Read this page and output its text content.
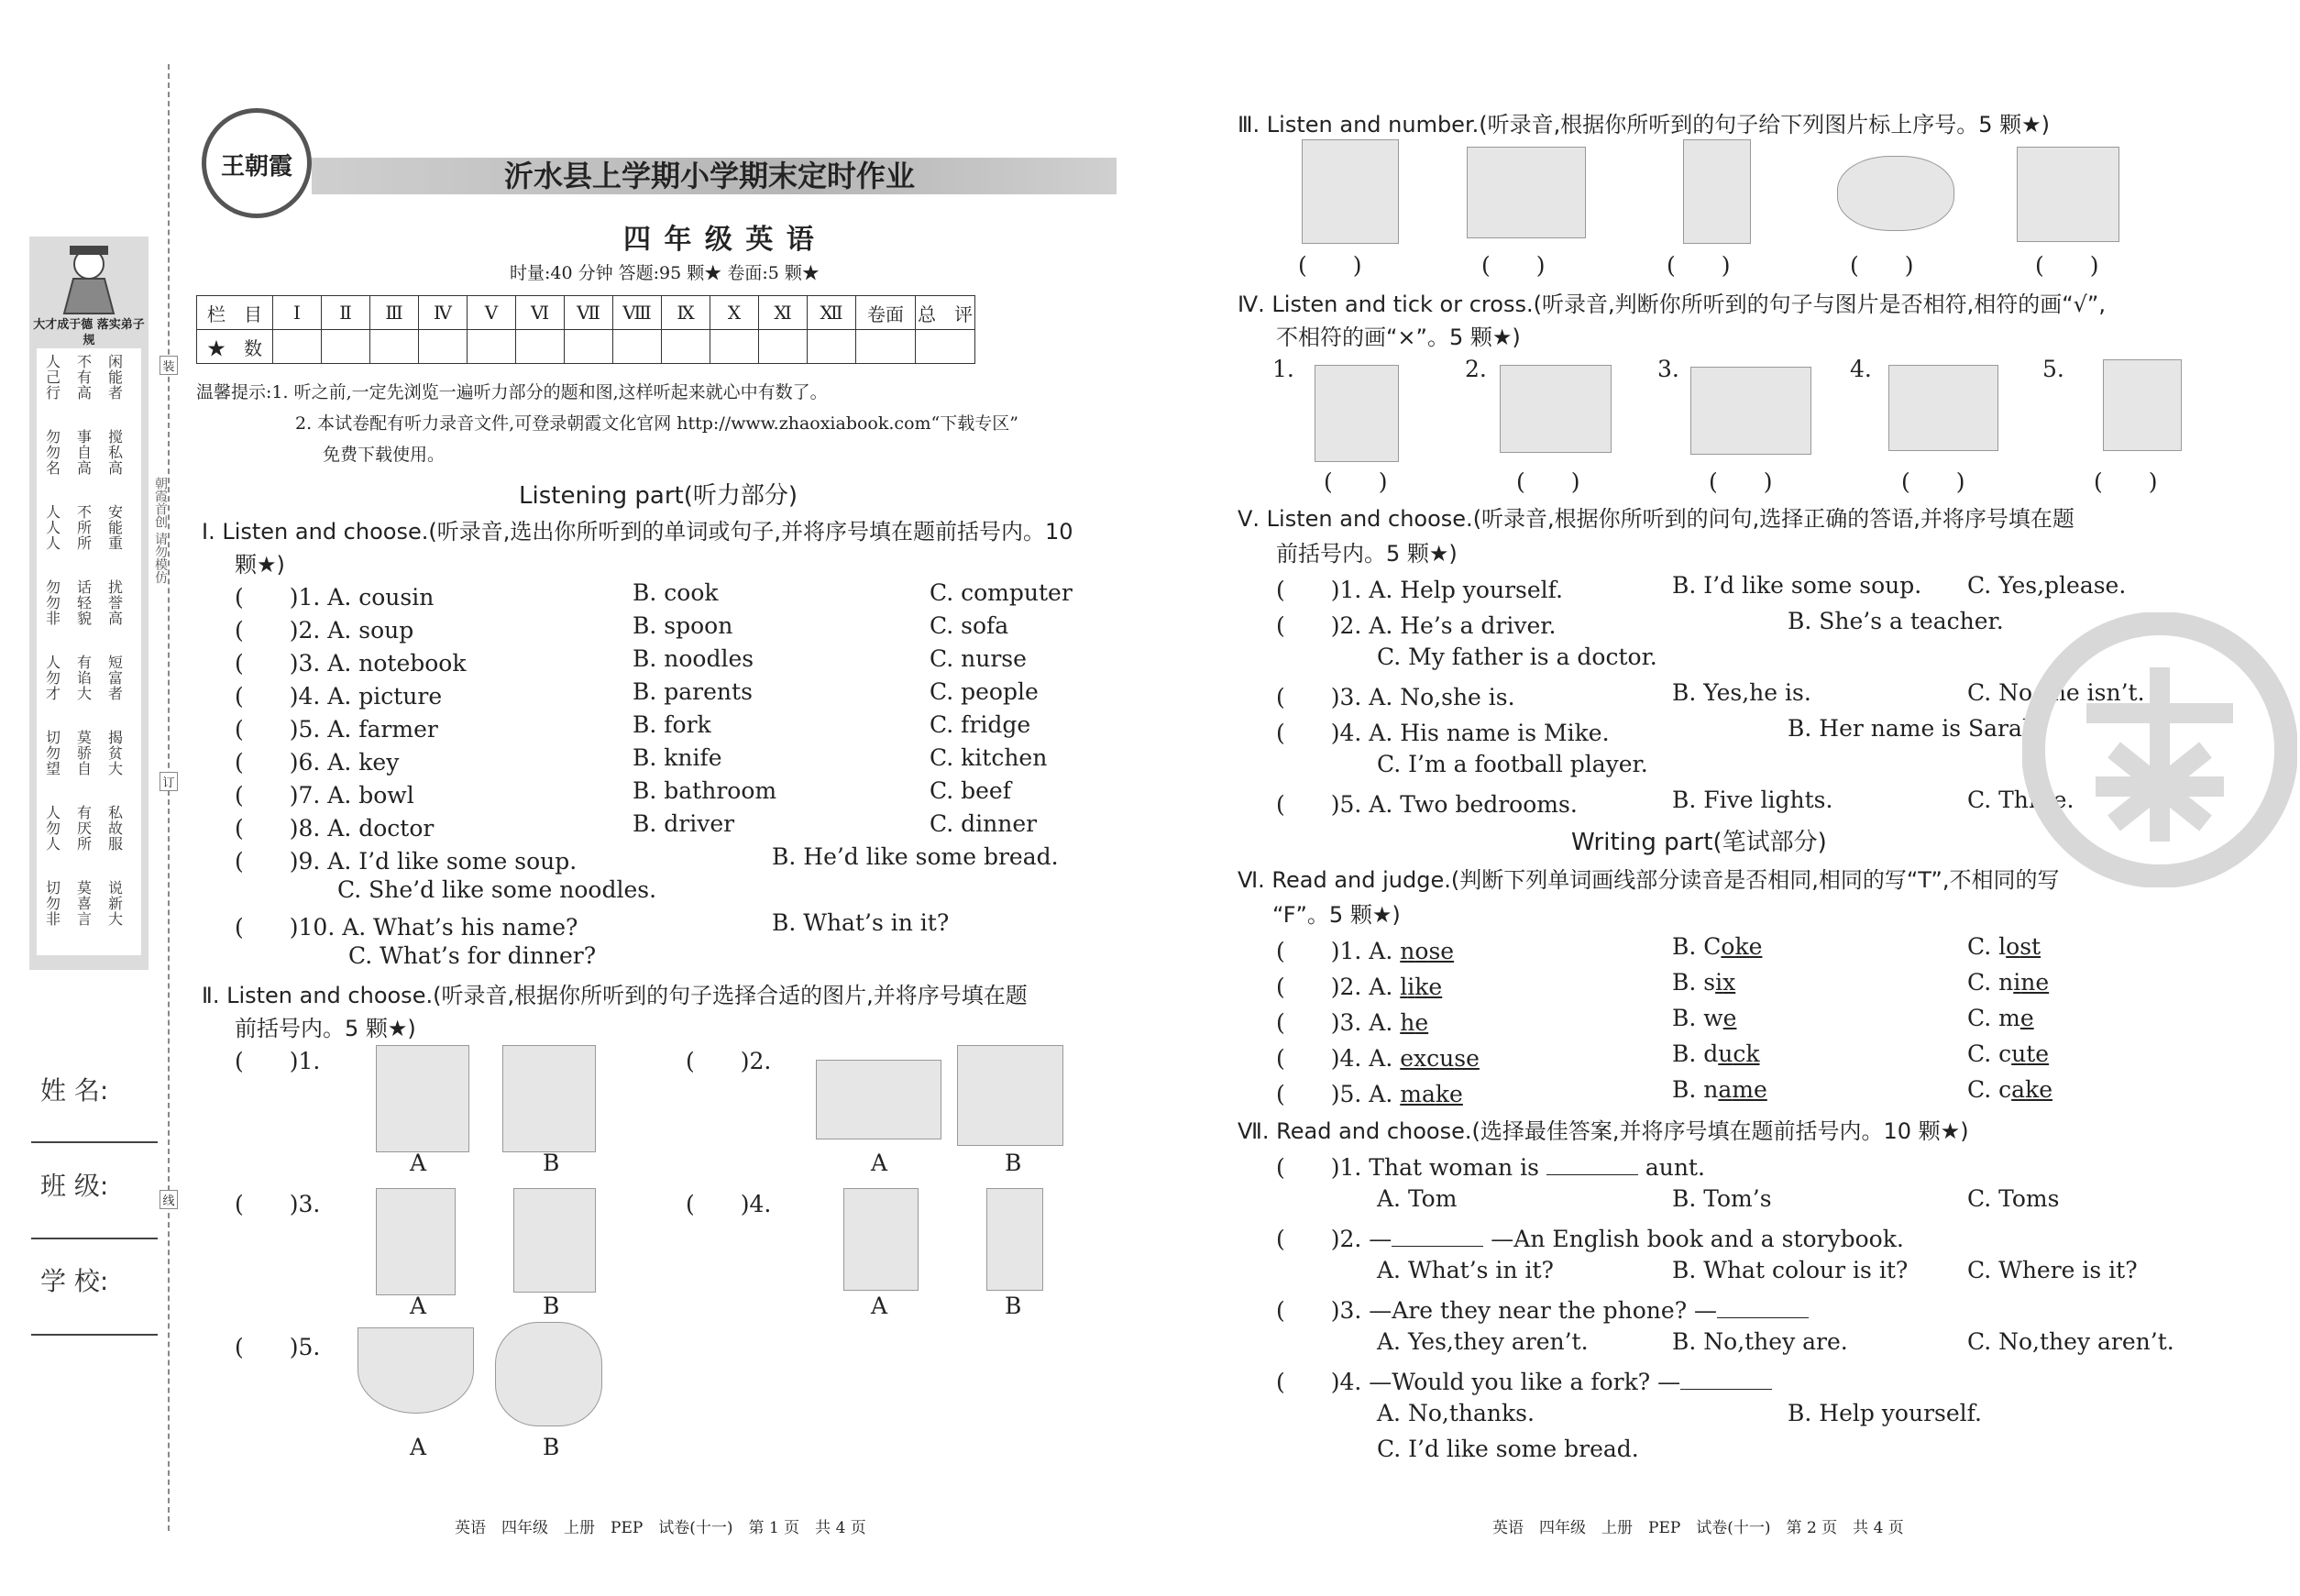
装
订
线
朝霞首创 请勿模仿
大才成于德 落实弟子规
人己行
不有高
闲能者
勿勿名
事自高
搅私高
人人人
不所所
安能重
勿勿非
话轻貌
扰誉高
人勿才
有谄大
短富者
切勿望
莫骄自
揭贫大
人勿人
有厌所
私故服
切勿非
莫喜言
说新大
姓 名:
班 级:
学 校:
沂水县上学期小学期末定时作业
王朝霞
四 年 级 英 语
时量:40 分钟 答题:95 颗★ 卷面:5 颗★
栏　目	Ⅰ	Ⅱ	Ⅲ	Ⅳ	Ⅴ	Ⅵ	Ⅶ	Ⅷ	Ⅸ	Ⅹ	Ⅺ	Ⅻ	卷面	总　评
★　数														
温馨提示:1. 听之前,一定先浏览一遍听力部分的题和图,这样听起来就心中有数了。
2. 本试卷配有听力录音文件,可登录朝霞文化官网 http://www.zhaoxiabook.com“下载专区”
免费下载使用。
Listening part(听力部分)
Ⅰ. Listen and choose.(听录音,选出你所听到的单词或句子,并将序号填在题前括号内。10
颗★)
(　　)1. A. cousin	B. cook	C. computer
(　　)2. A. soup	B. spoon	C. sofa
(　　)3. A. notebook	B. noodles	C. nurse
(　　)4. A. picture	B. parents	C. people
(　　)5. A. farmer	B. fork	C. fridge
(　　)6. A. key	B. knife	C. kitchen
(　　)7. A. bowl	B. bathroom	C. beef
(　　)8. A. doctor	B. driver	C. dinner
(　　)9. A. I’d like some soup.	B. He’d like some bread.
C. She’d like some noodles.
(　　)10. A. What’s his name?	B. What’s in it?
C. What’s for dinner?
Ⅱ. Listen and choose.(听录音,根据你所听到的句子选择合适的图片,并将序号填在题
前括号内。5 颗★)
(　　)1.
A	B
(　　)2.
A	B
(　　)3.
A	B
(　　)4.
A	B
(　　)5.
A	B
英语　四年级　上册　PEP　试卷(十一)　第 1 页　共 4 页
Ⅲ. Listen and number.(听录音,根据你所听到的句子给下列图片标上序号。5 颗★)
(　　)	(　　)	(　　)	(　　)	(　　)
Ⅳ. Listen and tick or cross.(听录音,判断你所听到的句子与图片是否相符,相符的画“√”,
不相符的画“×”。5 颗★)
1.
(　　)
2.
(　　)
3.
(　　)
4.
(　　)
5.
(　　)
Ⅴ. Listen and choose.(听录音,根据你所听到的问句,选择正确的答语,并将序号填在题
前括号内。5 颗★)
(　　)1. A. Help yourself.	B. I’d like some soup. C. Yes,please.
(　　)2. A. He’s a driver.	B. She’s a teacher.
C. My father is a doctor.
(　　)3. A. No,she is.	B. Yes,he is.	C. No,she isn’t.
(　　)4. A. His name is Mike.	B. Her name is Sarah.
C. I’m a football player.
(　　)5. A. Two bedrooms.	B. Five lights.	C. Three.
Writing part(笔试部分)
Ⅵ. Read and judge.(判断下列单词画线部分读音是否相同,相同的写“T”,不相同的写
“F”。5 颗★)
(　　)1. A. nose	B. Coke	C. lost
(　　)2. A. like	B. six	C. nine
(　　)3. A. he	B. we	C. me
(　　)4. A. excuse	B. duck	C. cute
(　　)5. A. make	B. name	C. cake
Ⅶ. Read and choose.(选择最佳答案,并将序号填在题前括号内。10 颗★)
(　　)1. That woman is	aunt.
A. Tom	B. Tom’s	C. Toms
(　　)2. —	—An English book and a storybook.
A. What’s in it?	B. What colour is it?	C. Where is it?
(　　)3. —Are they near the phone? —
A. Yes,they aren’t.	B. No,they are.	C. No,they aren’t.
(　　)4. —Would you like a fork? —
A. No,thanks.	B. Help yourself.
C. I’d like some bread.
英语　四年级　上册　PEP　试卷(十一)　第 2 页　共 4 页
